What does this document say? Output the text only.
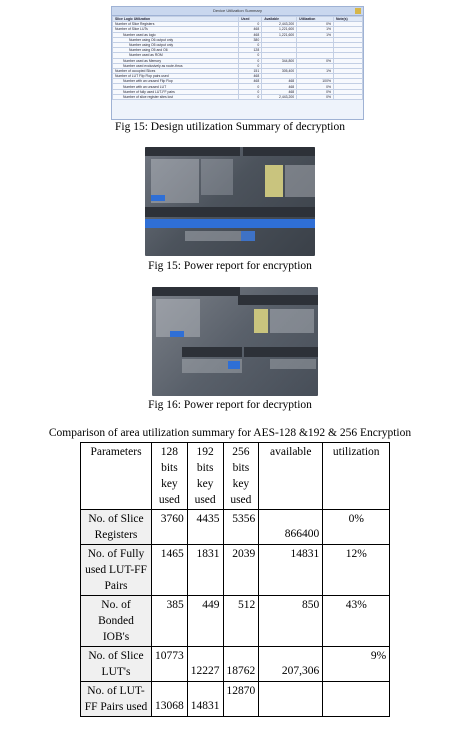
Device Utilization Summary
Slice Logic Utilization	Used	Available	Utilization	Note(s)
Number of Slice Registers	0	2,443,200	0%	
Number of Slice LUTs	468	1,221,600	1%	
Number used as logic	468	1,221,600	1%	
Number using O6 output only	380			
Number using O5 output only	0			
Number using O5 and O6	128			
Number used as ROM	0			
Number used as Memory	0	344,800	0%	
Number used exclusively as route-thrus	0			
Number of occupied Slices	151	305,400	1%	
Number of LUT Flip Flop pairs used	468			
Number with an unused Flip Flop	468	468	100%	
Number with an unused LUT	0	468	0%	
Number of fully used LUT-FF pairs	0	468	0%	
Number of slice register sites lost	0	2,443,200	0%	
Fig 15: Design utilization Summary of decryption
Fig 15: Power report for encryption
Fig 16: Power report for decryption
Comparison of area utilization summary for AES-128 &192 & 256 Encryption
Parameters	128 bits key used	192 bits key used	256 bits key used	available	utilization
No. of Slice Registers	3760	4435	5356	866400	0%
No. of Fully used LUT-FF Pairs	1465	1831	2039	14831	12%
No. of Bonded IOB's	385	449	512	850	43%
No. of Slice LUT's	10773	12227	18762	207,306	9%
No. of LUT-FF Pairs used	13068	14831	12870		
